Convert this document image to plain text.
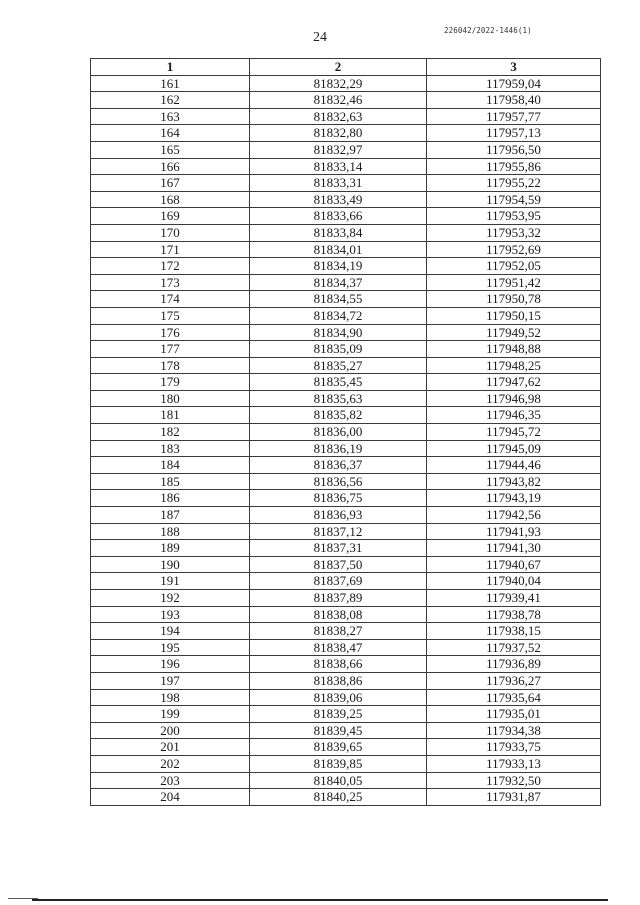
24	226042/2022-1446(1)
1	2	3
161	81832,29	117959,04
162	81832,46	117958,40
163	81832,63	117957,77
164	81832,80	117957,13
165	81832,97	117956,50
166	81833,14	117955,86
167	81833,31	117955,22
168	81833,49	117954,59
169	81833,66	117953,95
170	81833,84	117953,32
171	81834,01	117952,69
172	81834,19	117952,05
173	81834,37	117951,42
174	81834,55	117950,78
175	81834,72	117950,15
176	81834,90	117949,52
177	81835,09	117948,88
178	81835,27	117948,25
179	81835,45	117947,62
180	81835,63	117946,98
181	81835,82	117946,35
182	81836,00	117945,72
183	81836,19	117945,09
184	81836,37	117944,46
185	81836,56	117943,82
186	81836,75	117943,19
187	81836,93	117942,56
188	81837,12	117941,93
189	81837,31	117941,30
190	81837,50	117940,67
191	81837,69	117940,04
192	81837,89	117939,41
193	81838,08	117938,78
194	81838,27	117938,15
195	81838,47	117937,52
196	81838,66	117936,89
197	81838,86	117936,27
198	81839,06	117935,64
199	81839,25	117935,01
200	81839,45	117934,38
201	81839,65	117933,75
202	81839,85	117933,13
203	81840,05	117932,50
204	81840,25	117931,87
